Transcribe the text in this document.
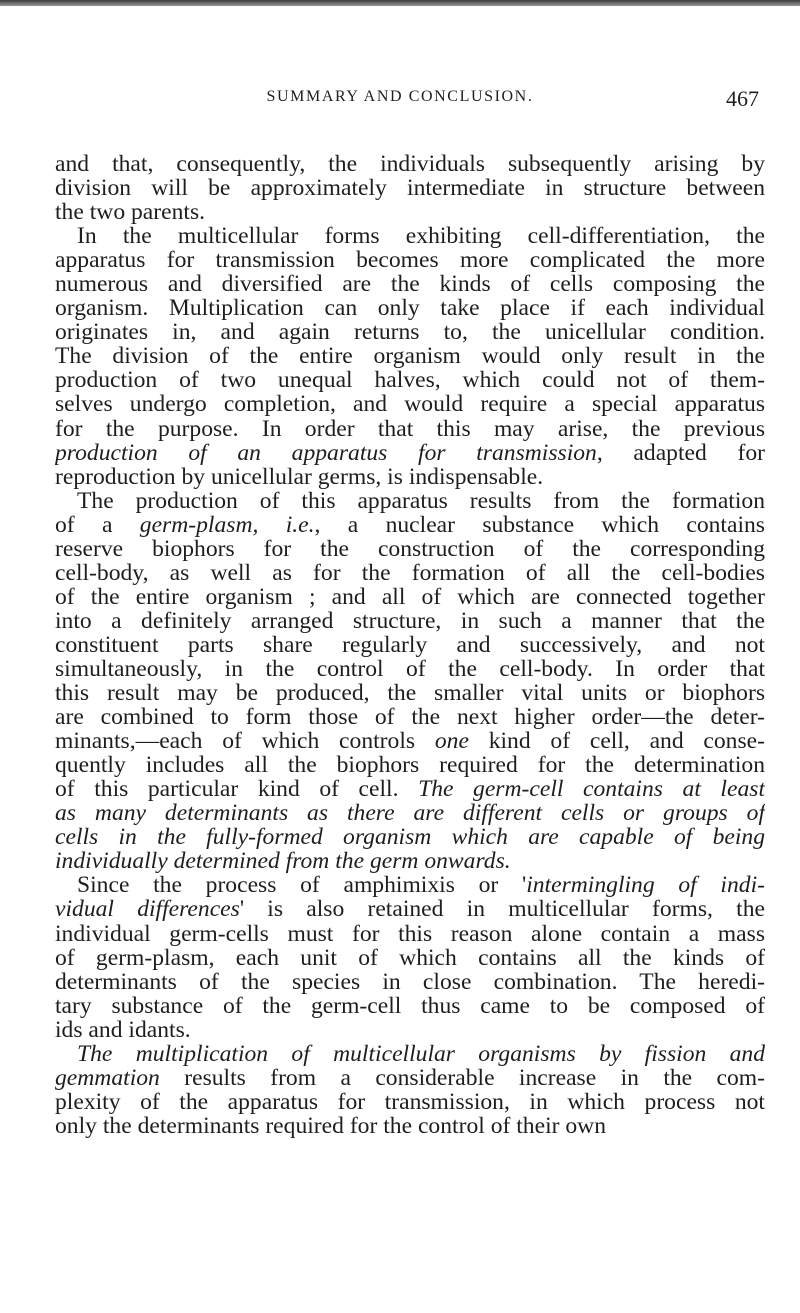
SUMMARY AND CONCLUSION.	467
and that, consequently, the individuals subsequently arising by
division will be approximately intermediate in structure between
the two parents.
In the multicellular forms exhibiting cell-differentiation, the
apparatus for transmission becomes more complicated the more
numerous and diversified are the kinds of cells composing the
organism. Multiplication can only take place if each individual
originates in, and again returns to, the unicellular condition.
The division of the entire organism would only result in the
production of two unequal halves, which could not of them-
selves undergo completion, and would require a special apparatus
for the purpose. In order that this may arise, the previous
production of an apparatus for transmission, adapted for
reproduction by unicellular germs, is indispensable.
The production of this apparatus results from the formation
of a germ-plasm, i.e., a nuclear substance which contains
reserve biophors for the construction of the corresponding
cell-body, as well as for the formation of all the cell-bodies
of the entire organism ; and all of which are connected together
into a definitely arranged structure, in such a manner that the
constituent parts share regularly and successively, and not
simultaneously, in the control of the cell-body. In order that
this result may be produced, the smaller vital units or biophors
are combined to form those of the next higher order—the deter-
minants,—each of which controls one kind of cell, and conse-
quently includes all the biophors required for the determination
of this particular kind of cell. The germ-cell contains at least
as many determinants as there are different cells or groups of
cells in the fully-formed organism which are capable of being
individually determined from the germ onwards.
Since the process of amphimixis or 'intermingling of indi-
vidual differences' is also retained in multicellular forms, the
individual germ-cells must for this reason alone contain a mass
of germ-plasm, each unit of which contains all the kinds of
determinants of the species in close combination. The heredi-
tary substance of the germ-cell thus came to be composed of
ids and idants.
The multiplication of multicellular organisms by fission and
gemmation results from a considerable increase in the com-
plexity of the apparatus for transmission, in which process not
only the determinants required for the control of their own
